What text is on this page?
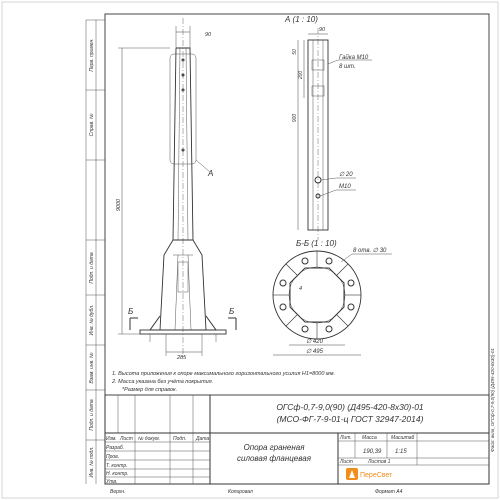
Перв. примен.
Справ. №
Подп. и дата
Инв. № дубл.
Взам. инв. №
Подп. и дата
Инв. № подл.
Файл: вкла_ОГСф-0,7-9,0(90) (Д495-420-8х30)-01
90
9000
285
Б	Б
А
А (1 : 10)
90
50
200
900
Гайка М10
8 шт.
∅ 20
М10
Б-Б (1 : 10)
8 отв. ∅ 30
4
∅ 420
∅ 495
1. Высота приложения к опоре максимального горизонтального усилия H1=8000 мм.
2. Масса указана без учёта покрытия.
*Размер для справок.
Изм. Лист № докум.	Подп. Дата
Разраб.
Пров.
Т. контр.
Н. контр.
Утв.
ОГСф-0,7-9,0(90) (Д495-420-8х30)-01
(МСО-ФГ-7-9-01-ц ГОСТ 32947-2014)
Опора граненая
силовая фланцевая
Лит. Масса	Масштаб
190,39 1:15
Лист	Листов 1
ПереСвет
Верхн.	Копировал	Формат А4
